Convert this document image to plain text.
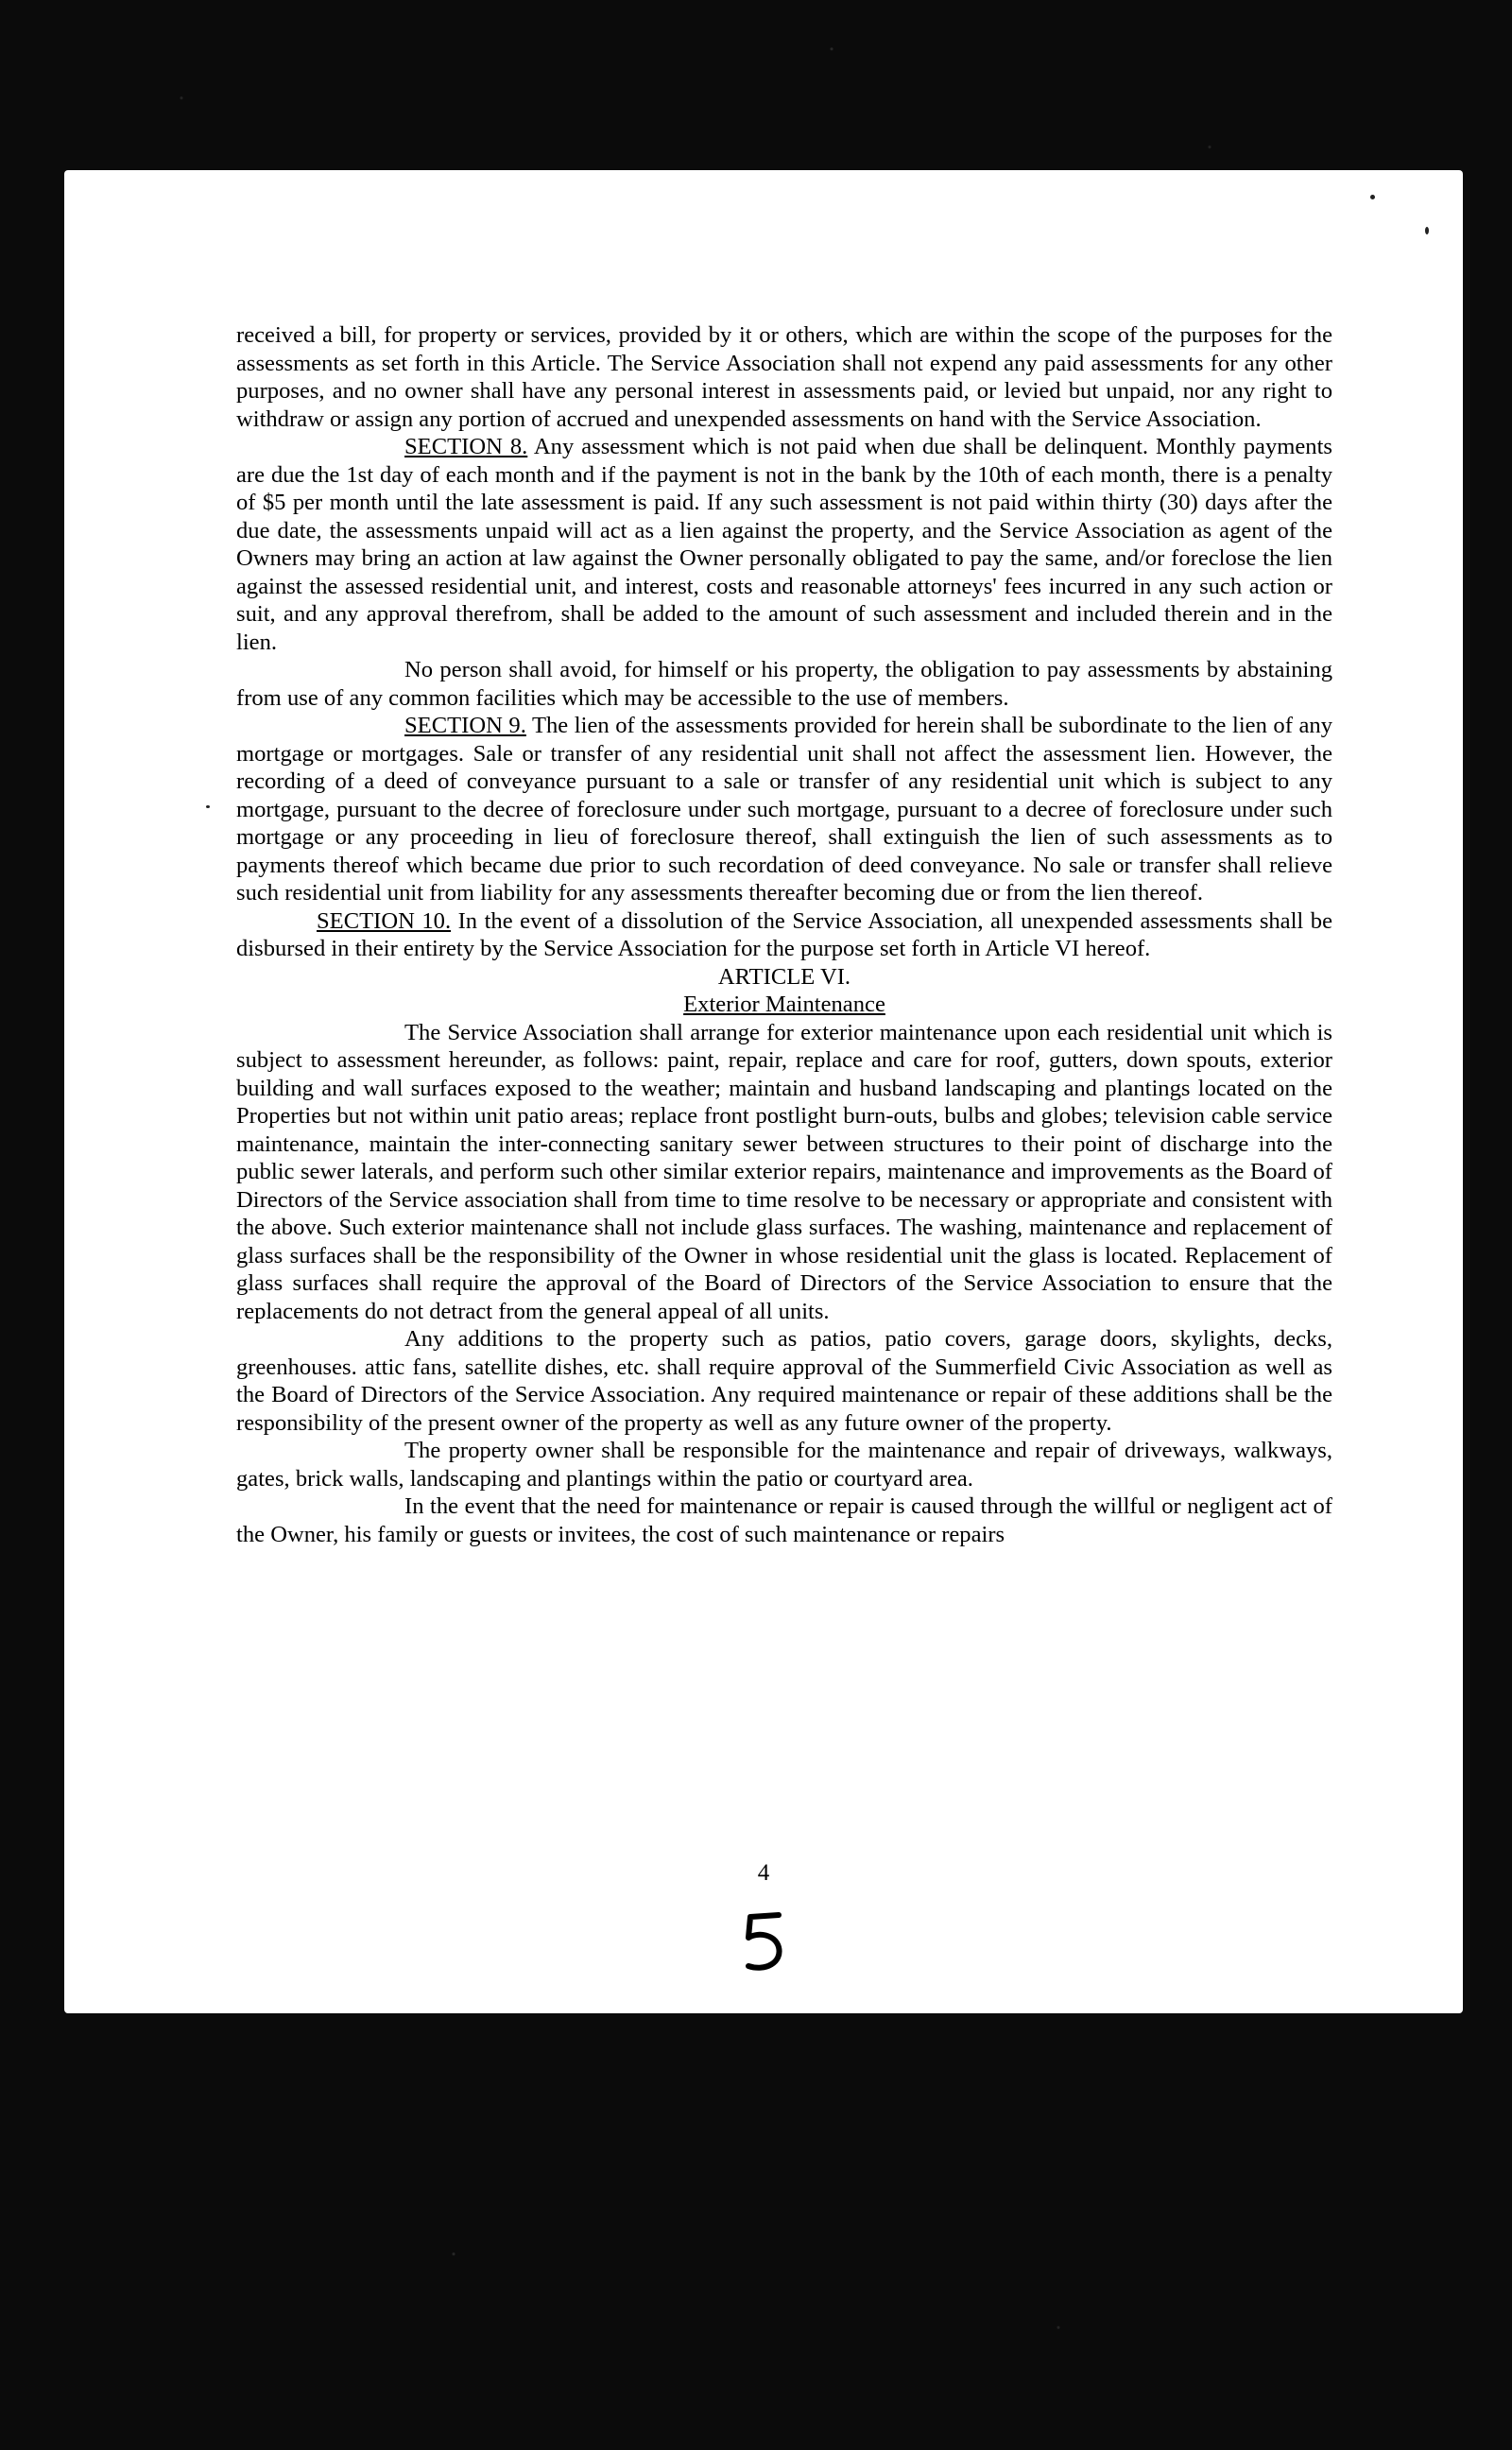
received a bill, for property or services, provided by it or others, which are within the scope of the purposes for the assessments as set forth in this Article. The Service Association shall not expend any paid assessments for any other purposes, and no owner shall have any personal interest in assessments paid, or levied but unpaid, nor any right to withdraw or assign any portion of accrued and unexpended assessments on hand with the Service Association.

SECTION 8. Any assessment which is not paid when due shall be delinquent. Monthly payments are due the 1st day of each month and if the payment is not in the bank by the 10th of each month, there is a penalty of $5 per month until the late assessment is paid. If any such assessment is not paid within thirty (30) days after the due date, the assessments unpaid will act as a lien against the property, and the Service Association as agent of the Owners may bring an action at law against the Owner personally obligated to pay the same, and/or foreclose the lien against the assessed residential unit, and interest, costs and reasonable attorneys' fees incurred in any such action or suit, and any approval therefrom, shall be added to the amount of such assessment and included therein and in the lien.

No person shall avoid, for himself or his property, the obligation to pay assessments by abstaining from use of any common facilities which may be accessible to the use of members.

SECTION 9. The lien of the assessments provided for herein shall be subordinate to the lien of any mortgage or mortgages. Sale or transfer of any residential unit shall not affect the assessment lien. However, the recording of a deed of conveyance pursuant to a sale or transfer of any residential unit which is subject to any mortgage, pursuant to the decree of foreclosure under such mortgage, pursuant to a decree of foreclosure under such mortgage or any proceeding in lieu of foreclosure thereof, shall extinguish the lien of such assessments as to payments thereof which became due prior to such recordation of deed conveyance. No sale or transfer shall relieve such residential unit from liability for any assessments thereafter becoming due or from the lien thereof.

SECTION 10. In the event of a dissolution of the Service Association, all unexpended assessments shall be disbursed in their entirety by the Service Association for the purpose set forth in Article VI hereof.

ARTICLE VI.

Exterior Maintenance

The Service Association shall arrange for exterior maintenance upon each residential unit which is subject to assessment hereunder, as follows: paint, repair, replace and care for roof, gutters, down spouts, exterior building and wall surfaces exposed to the weather; maintain and husband landscaping and plantings located on the Properties but not within unit patio areas; replace front postlight burn-outs, bulbs and globes; television cable service maintenance, maintain the inter-connecting sanitary sewer between structures to their point of discharge into the public sewer laterals, and perform such other similar exterior repairs, maintenance and improvements as the Board of Directors of the Service association shall from time to time resolve to be necessary or appropriate and consistent with the above. Such exterior maintenance shall not include glass surfaces. The washing, maintenance and replacement of glass surfaces shall be the responsibility of the Owner in whose residential unit the glass is located. Replacement of glass surfaces shall require the approval of the Board of Directors of the Service Association to ensure that the replacements do not detract from the general appeal of all units.

Any additions to the property such as patios, patio covers, garage doors, skylights, decks, greenhouses. attic fans, satellite dishes, etc. shall require approval of the Summerfield Civic Association as well as the Board of Directors of the Service Association. Any required maintenance or repair of these additions shall be the responsibility of the present owner of the property as well as any future owner of the property.

The property owner shall be responsible for the maintenance and repair of driveways, walkways, gates, brick walls, landscaping and plantings within the patio or courtyard area.

In the event that the need for maintenance or repair is caused through the willful or negligent act of the Owner, his family or guests or invitees, the cost of such maintenance or repairs

4
